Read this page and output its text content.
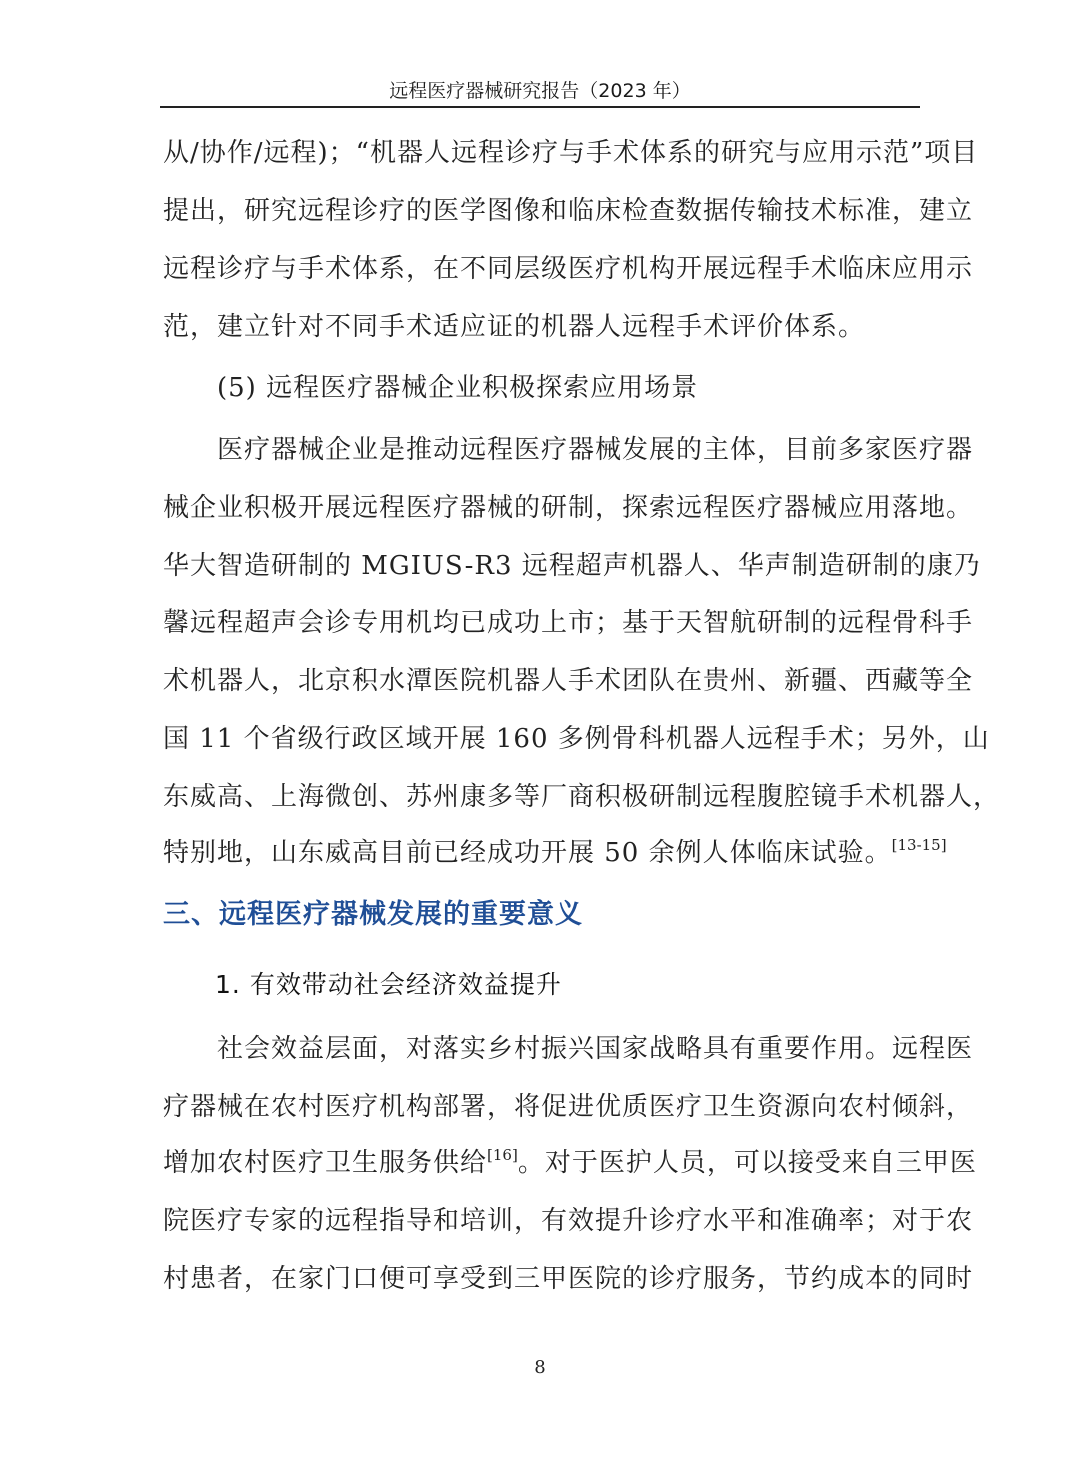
远程医疗器械研究报告（2023 年）
从/协作/远程)；“机器人远程诊疗与手术体系的研究与应用示范”项目
提出，研究远程诊疗的医学图像和临床检查数据传输技术标准，建立
远程诊疗与手术体系，在不同层级医疗机构开展远程手术临床应用示
范，建立针对不同手术适应证的机器人远程手术评价体系。
(5) 远程医疗器械企业积极探索应用场景
医疗器械企业是推动远程医疗器械发展的主体，目前多家医疗器
械企业积极开展远程医疗器械的研制，探索远程医疗器械应用落地。
华大智造研制的 MGIUS-R3 远程超声机器人、华声制造研制的康乃
馨远程超声会诊专用机均已成功上市；基于天智航研制的远程骨科手
术机器人，北京积水潭医院机器人手术团队在贵州、新疆、西藏等全
国 11 个省级行政区域开展 160 多例骨科机器人远程手术；另外，山
东威高、上海微创、苏州康多等厂商积极研制远程腹腔镜手术机器人，
特别地，山东威高目前已经成功开展 50 余例人体临床试验。[13-15]
三、远程医疗器械发展的重要意义
1. 有效带动社会经济效益提升
社会效益层面，对落实乡村振兴国家战略具有重要作用。远程医
疗器械在农村医疗机构部署，将促进优质医疗卫生资源向农村倾斜，
增加农村医疗卫生服务供给[16]。对于医护人员，可以接受来自三甲医
院医疗专家的远程指导和培训，有效提升诊疗水平和准确率；对于农
村患者，在家门口便可享受到三甲医院的诊疗服务，节约成本的同时
8
